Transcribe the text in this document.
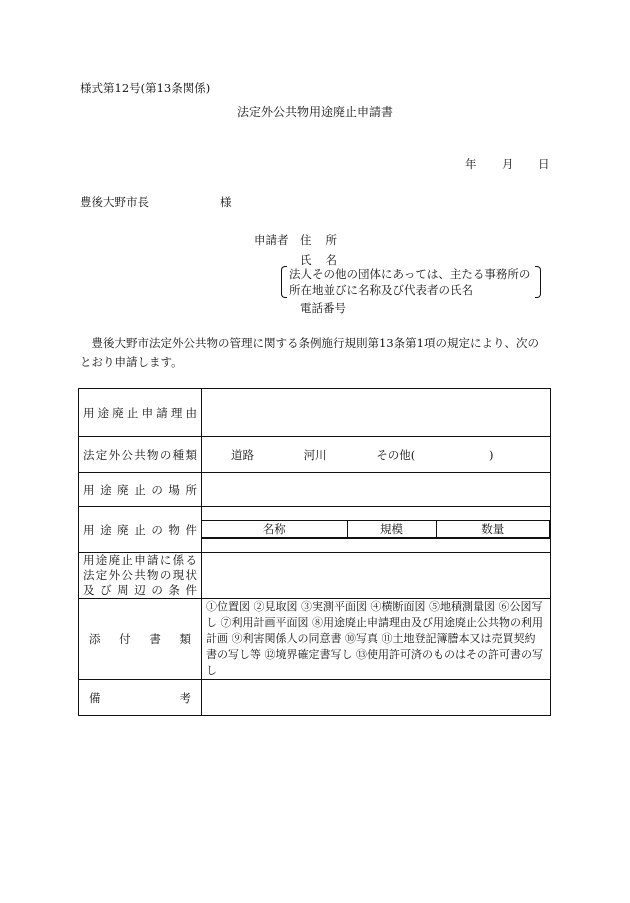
様式第12号(第13条関係)
法定外公共物用途廃止申請書
年 月 日
豊後大野市長	様
申請者 住所
氏名
法人その他の団体にあっては、主たる事務所の
所在地並びに名称及び代表者の氏名
電話番号
豊後大野市法定外公共物の管理に関する条例施行規則第13条第1項の規定により、次のとおり申請します。
用途廃止申請理由	
法定外公共物の種類	道路	河川	その他(	)
用途廃止の場所	
用途廃止の物件		名称	規模	数量

用途廃止申請に係る
法定外公共物の現状
及び周辺の条件

添付書類	①位置図 ②見取図 ③実測平面図 ④横断面図 ⑤地積測量図 ⑥公図写し ⑦利用計画平面図 ⑧用途廃止申請理由及び用途廃止公共物の利用計画 ⑨利害関係人の同意書 ⑩写真 ⑪土地登記簿謄本又は売買契約書の写し等 ⑫境界確定書写し ⑬使用許可済のものはその許可書の写し
備考	
